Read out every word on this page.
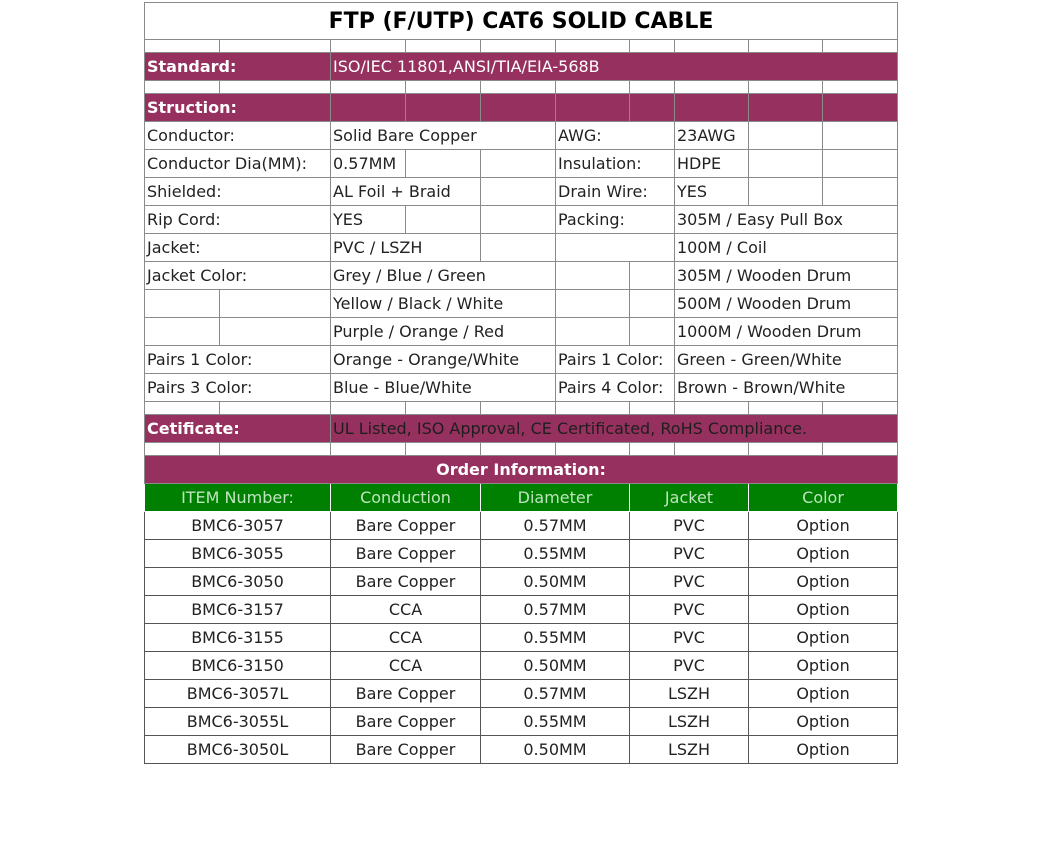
FTP (F/UTP) CAT6 SOLID CABLE									

Standard:		ISO/IEC 11801,ANSI/TIA/EIA-568B							

Struction:									
Conductor:		Solid Bare Copper			AWG:		23AWG		
Conductor Dia(MM):		0.57MM			Insulation:		HDPE		
Shielded:		AL Foil + Braid			Drain Wire:		YES		
Rip Cord:		YES			Packing:		305M / Easy Pull Box		
Jacket:		PVC / LSZH					100M / Coil		
Jacket Color:		Grey / Blue / Green					305M / Wooden Drum		
		Yellow / Black / White					500M / Wooden Drum		
		Purple / Orange / Red					1000M / Wooden Drum		
Pairs 1 Color:		Orange - Orange/White			Pairs 1 Color:		Green - Green/White		
Pairs 3 Color:		Blue - Blue/White			Pairs 4 Color:		Brown - Brown/White		

Cetificate:		UL Listed, ISO Approval, CE Certificated, RoHS Compliance.							

Order Information:									
ITEM Number:		Conduction		Diameter		Jacket		Color	
BMC6-3057		Bare Copper		0.57MM		PVC		Option	
BMC6-3055		Bare Copper		0.55MM		PVC		Option	
BMC6-3050		Bare Copper		0.50MM		PVC		Option	
BMC6-3157		CCA		0.57MM		PVC		Option	
BMC6-3155		CCA		0.55MM		PVC		Option	
BMC6-3150		CCA		0.50MM		PVC		Option	
BMC6-3057L		Bare Copper		0.57MM		LSZH		Option	
BMC6-3055L		Bare Copper		0.55MM		LSZH		Option	
BMC6-3050L		Bare Copper		0.50MM		LSZH		Option	
